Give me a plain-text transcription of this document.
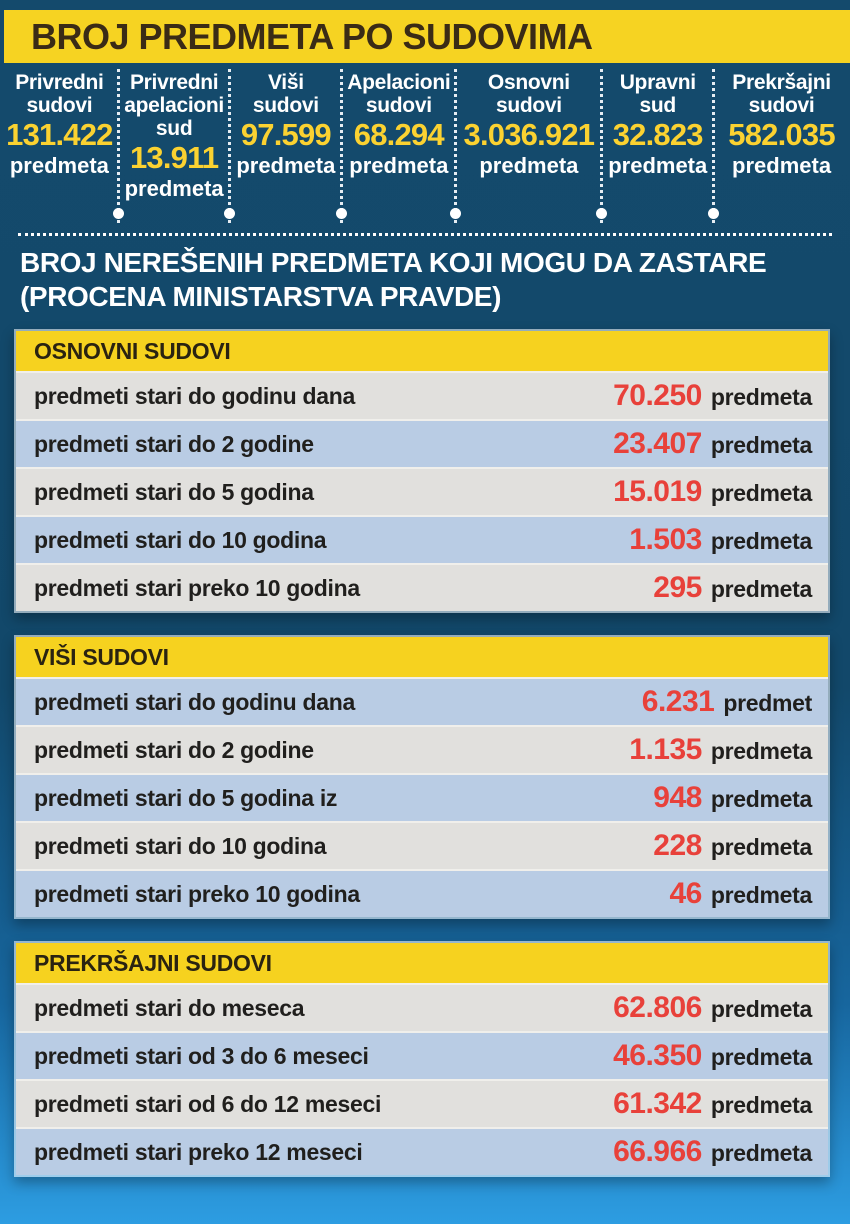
BROJ PREDMETA PO SUDOVIMA
Privredni sudovi
131.422
predmeta
Privredni apelacioni sud
13.911
predmeta
Viši sudovi
97.599
predmeta
Apelacioni sudovi
68.294
predmeta
Osnovni sudovi
3.036.921
predmeta
Upravni sud
32.823
predmeta
Prekršajni sudovi
582.035
predmeta
BROJ NEREŠENIH PREDMETA KOJI MOGU DA ZASTARE
(PROCENA MINISTARSTVA PRAVDE)
OSNOVNI SUDOVI
predmeti stari do godinu dana	70.250 predmeta
predmeti stari do 2 godine	23.407 predmeta
predmeti stari do 5 godina	15.019 predmeta
predmeti stari do 10 godina	1.503 predmeta
predmeti stari preko 10 godina	295 predmeta
VIŠI SUDOVI
predmeti stari do godinu dana	6.231 predmet
predmeti stari do 2 godine	1.135 predmeta
predmeti stari do 5 godina iz	948 predmeta
predmeti stari do 10 godina	228 predmeta
predmeti stari preko 10 godina	46 predmeta
PREKRŠAJNI SUDOVI
predmeti stari do meseca	62.806 predmeta
predmeti stari od 3 do 6 meseci	46.350 predmeta
predmeti stari od 6 do 12 meseci	61.342 predmeta
predmeti stari preko 12 meseci	66.966 predmeta
